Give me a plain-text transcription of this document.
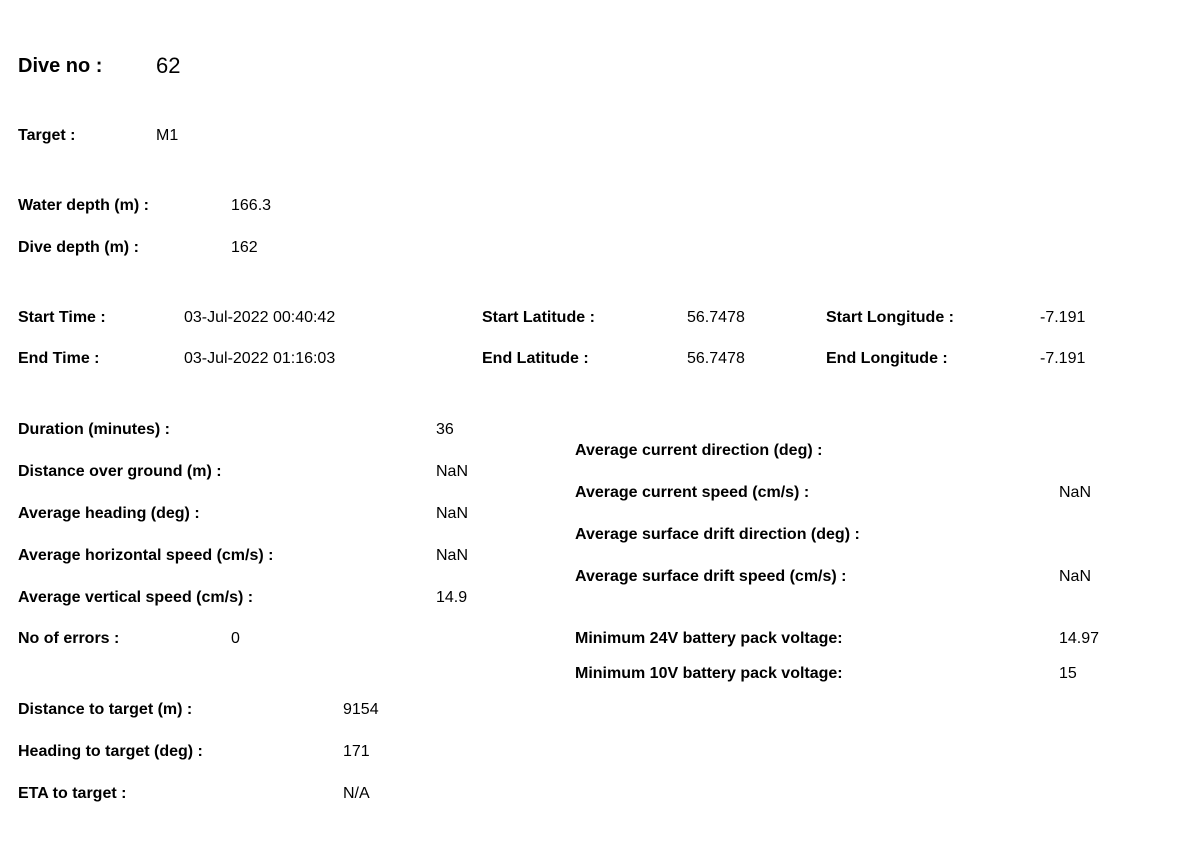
Dive no : 62
Target :	M1
Water depth (m) :	166.3
Dive depth (m) :	162
Start Time :	03-Jul-2022 00:40:42
End Time :	03-Jul-2022 01:16:03
Start Latitude :	56.7478
End Latitude :	56.7478
Start Longitude :	-7.191
End Longitude :	-7.191
Duration (minutes) :	36
Distance over ground (m) :	NaN
Average heading (deg) :	NaN
Average horizontal speed (cm/s) :	NaN
Average vertical speed (cm/s) :	14.9
No of errors :	0
Average current direction (deg) :
Average current speed (cm/s) :	NaN
Average surface drift direction (deg) :
Average surface drift speed (cm/s) :	NaN
Minimum 24V battery pack voltage:	14.97
Minimum 10V battery pack voltage:	15
Distance to target (m) :	9154
Heading to target (deg) :	171
ETA to target :	N/A
